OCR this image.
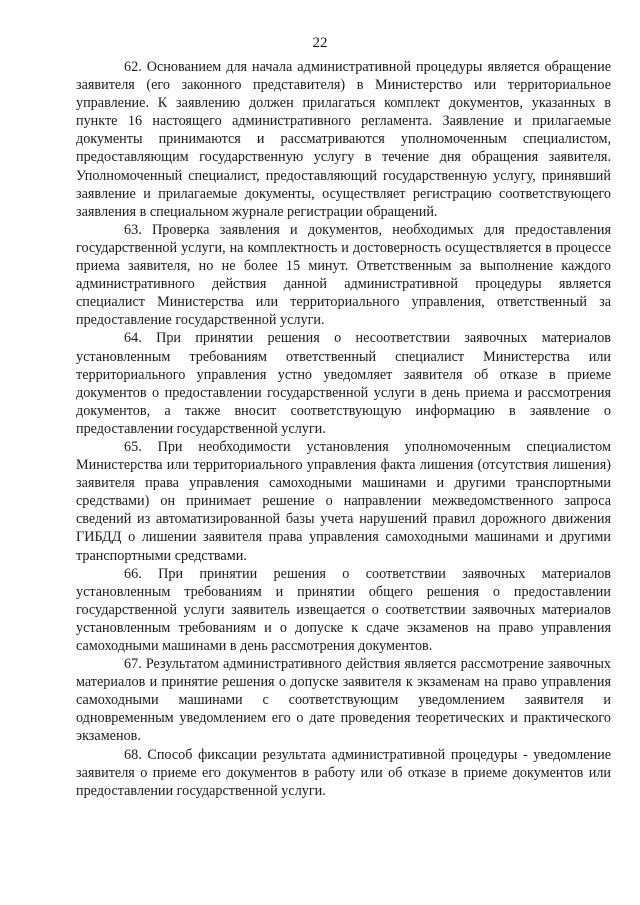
22

62. Основанием для начала административной процедуры является обращение заявителя (его законного представителя) в Министерство или территориальное управление. К заявлению должен прилагаться комплект документов, указанных в пункте 16 настоящего административного регламента. Заявление и прилагаемые документы принимаются и рассматриваются уполномоченным специалистом, предоставляющим государственную услугу в течение дня обращения заявителя. Уполномоченный специалист, предоставляющий государственную услугу, принявший заявление и прилагаемые документы, осуществляет регистрацию соответствующего заявления в специальном журнале регистрации обращений.

63. Проверка заявления и документов, необходимых для предоставления государственной услуги, на комплектность и достоверность осуществляется в процессе приема заявителя, но не более 15 минут. Ответственным за выполнение каждого административного действия данной административной процедуры является специалист Министерства или территориального управления, ответственный за предоставление государственной услуги.

64. При принятии решения о несоответствии заявочных материалов установленным требованиям ответственный специалист Министерства или территориального управления устно уведомляет заявителя об отказе в приеме документов о предоставлении государственной услуги в день приема и рассмотрения документов, а также вносит соответствующую информацию в заявление о предоставлении государственной услуги.

65. При необходимости установления уполномоченным специалистом Министерства или территориального управления факта лишения (отсутствия лишения) заявителя права управления самоходными машинами и другими транспортными средствами) он принимает решение о направлении межведомственного запроса сведений из автоматизированной базы учета нарушений правил дорожного движения ГИБДД о лишении заявителя права управления самоходными машинами и другими транспортными средствами.

66. При принятии решения о соответствии заявочных материалов установленным требованиям и принятии общего решения о предоставлении государственной услуги заявитель извещается о соответствии заявочных материалов установленным требованиям и о допуске к сдаче экзаменов на право управления самоходными машинами в день рассмотрения документов.

67. Результатом административного действия является рассмотрение заявочных материалов и принятие решения о допуске заявителя к экзаменам на право управления самоходными машинами с соответствующим уведомлением заявителя и одновременным уведомлением его о дате проведения теоретических и практического экзаменов.

68. Способ фиксации результата административной процедуры - уведомление заявителя о приеме его документов в работу или об отказе в приеме документов или предоставлении государственной услуги.
